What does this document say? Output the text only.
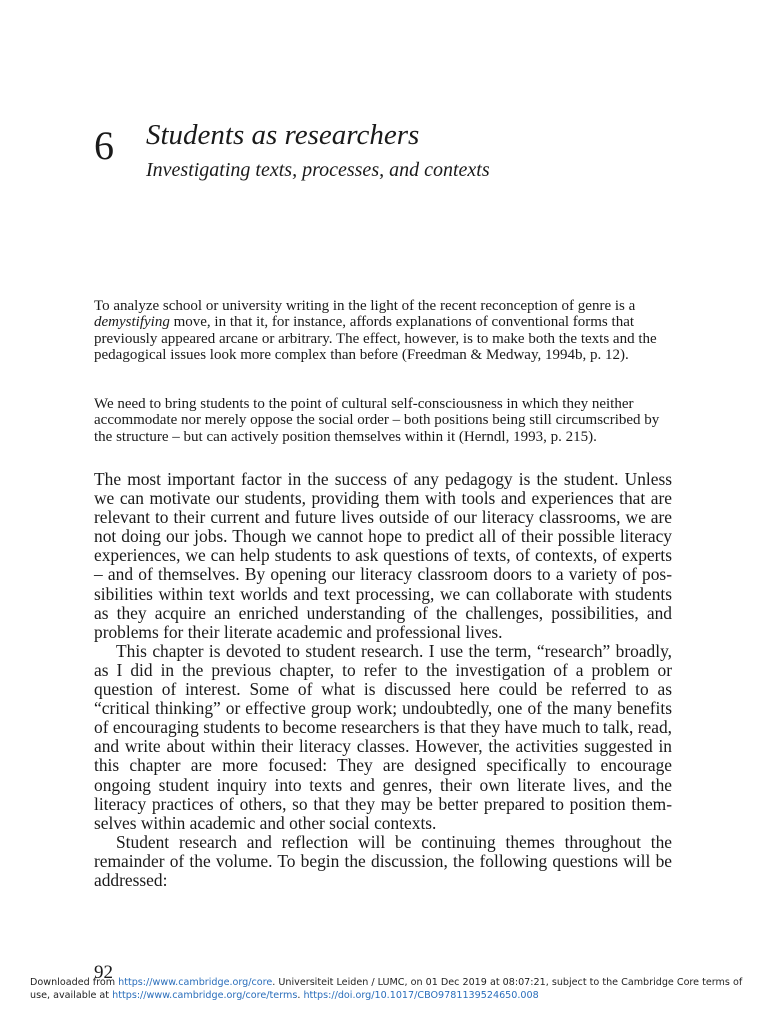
6 Students as researchers
Investigating texts, processes, and contexts

To analyze school or university writing in the light of the recent reconception of genre is a demystifying move, in that it, for instance, affords explanations of conventional forms that previously appeared arcane or arbitrary. The effect, however, is to make both the texts and the pedagogical issues look more complex than before (Freedman & Medway, 1994b, p. 12).

We need to bring students to the point of cultural self-consciousness in which they neither accommodate nor merely oppose the social order – both positions being still circumscribed by the structure – but can actively position themselves within it (Herndl, 1993, p. 215).

The most important factor in the success of any pedagogy is the student. Unless we can motivate our students, providing them with tools and experiences that are relevant to their current and future lives outside of our literacy classrooms, we are not doing our jobs. Though we cannot hope to predict all of their possible literacy experiences, we can help students to ask questions of texts, of contexts, of experts – and of themselves. By opening our literacy classroom doors to a variety of possibilities within text worlds and text processing, we can collaborate with students as they acquire an enriched understanding of the challenges, possibilities, and problems for their literate academic and professional lives.

This chapter is devoted to student research. I use the term, “research” broadly, as I did in the previous chapter, to refer to the investigation of a problem or question of interest. Some of what is discussed here could be referred to as “critical thinking” or effective group work; undoubtedly, one of the many benefits of encouraging students to become researchers is that they have much to talk, read, and write about within their literacy classes. However, the activities suggested in this chapter are more focused: They are designed specifically to encourage ongoing student inquiry into texts and genres, their own literate lives, and the literacy practices of others, so that they may be better prepared to position themselves within academic and other social contexts.

Student research and reflection will be continuing themes throughout the remainder of the volume. To begin the discussion, the following questions will be addressed:

92
Downloaded from https://www.cambridge.org/core. Universiteit Leiden / LUMC, on 01 Dec 2019 at 08:07:21, subject to the Cambridge Core terms of use, available at https://www.cambridge.org/core/terms. https://doi.org/10.1017/CBO9781139524650.008
